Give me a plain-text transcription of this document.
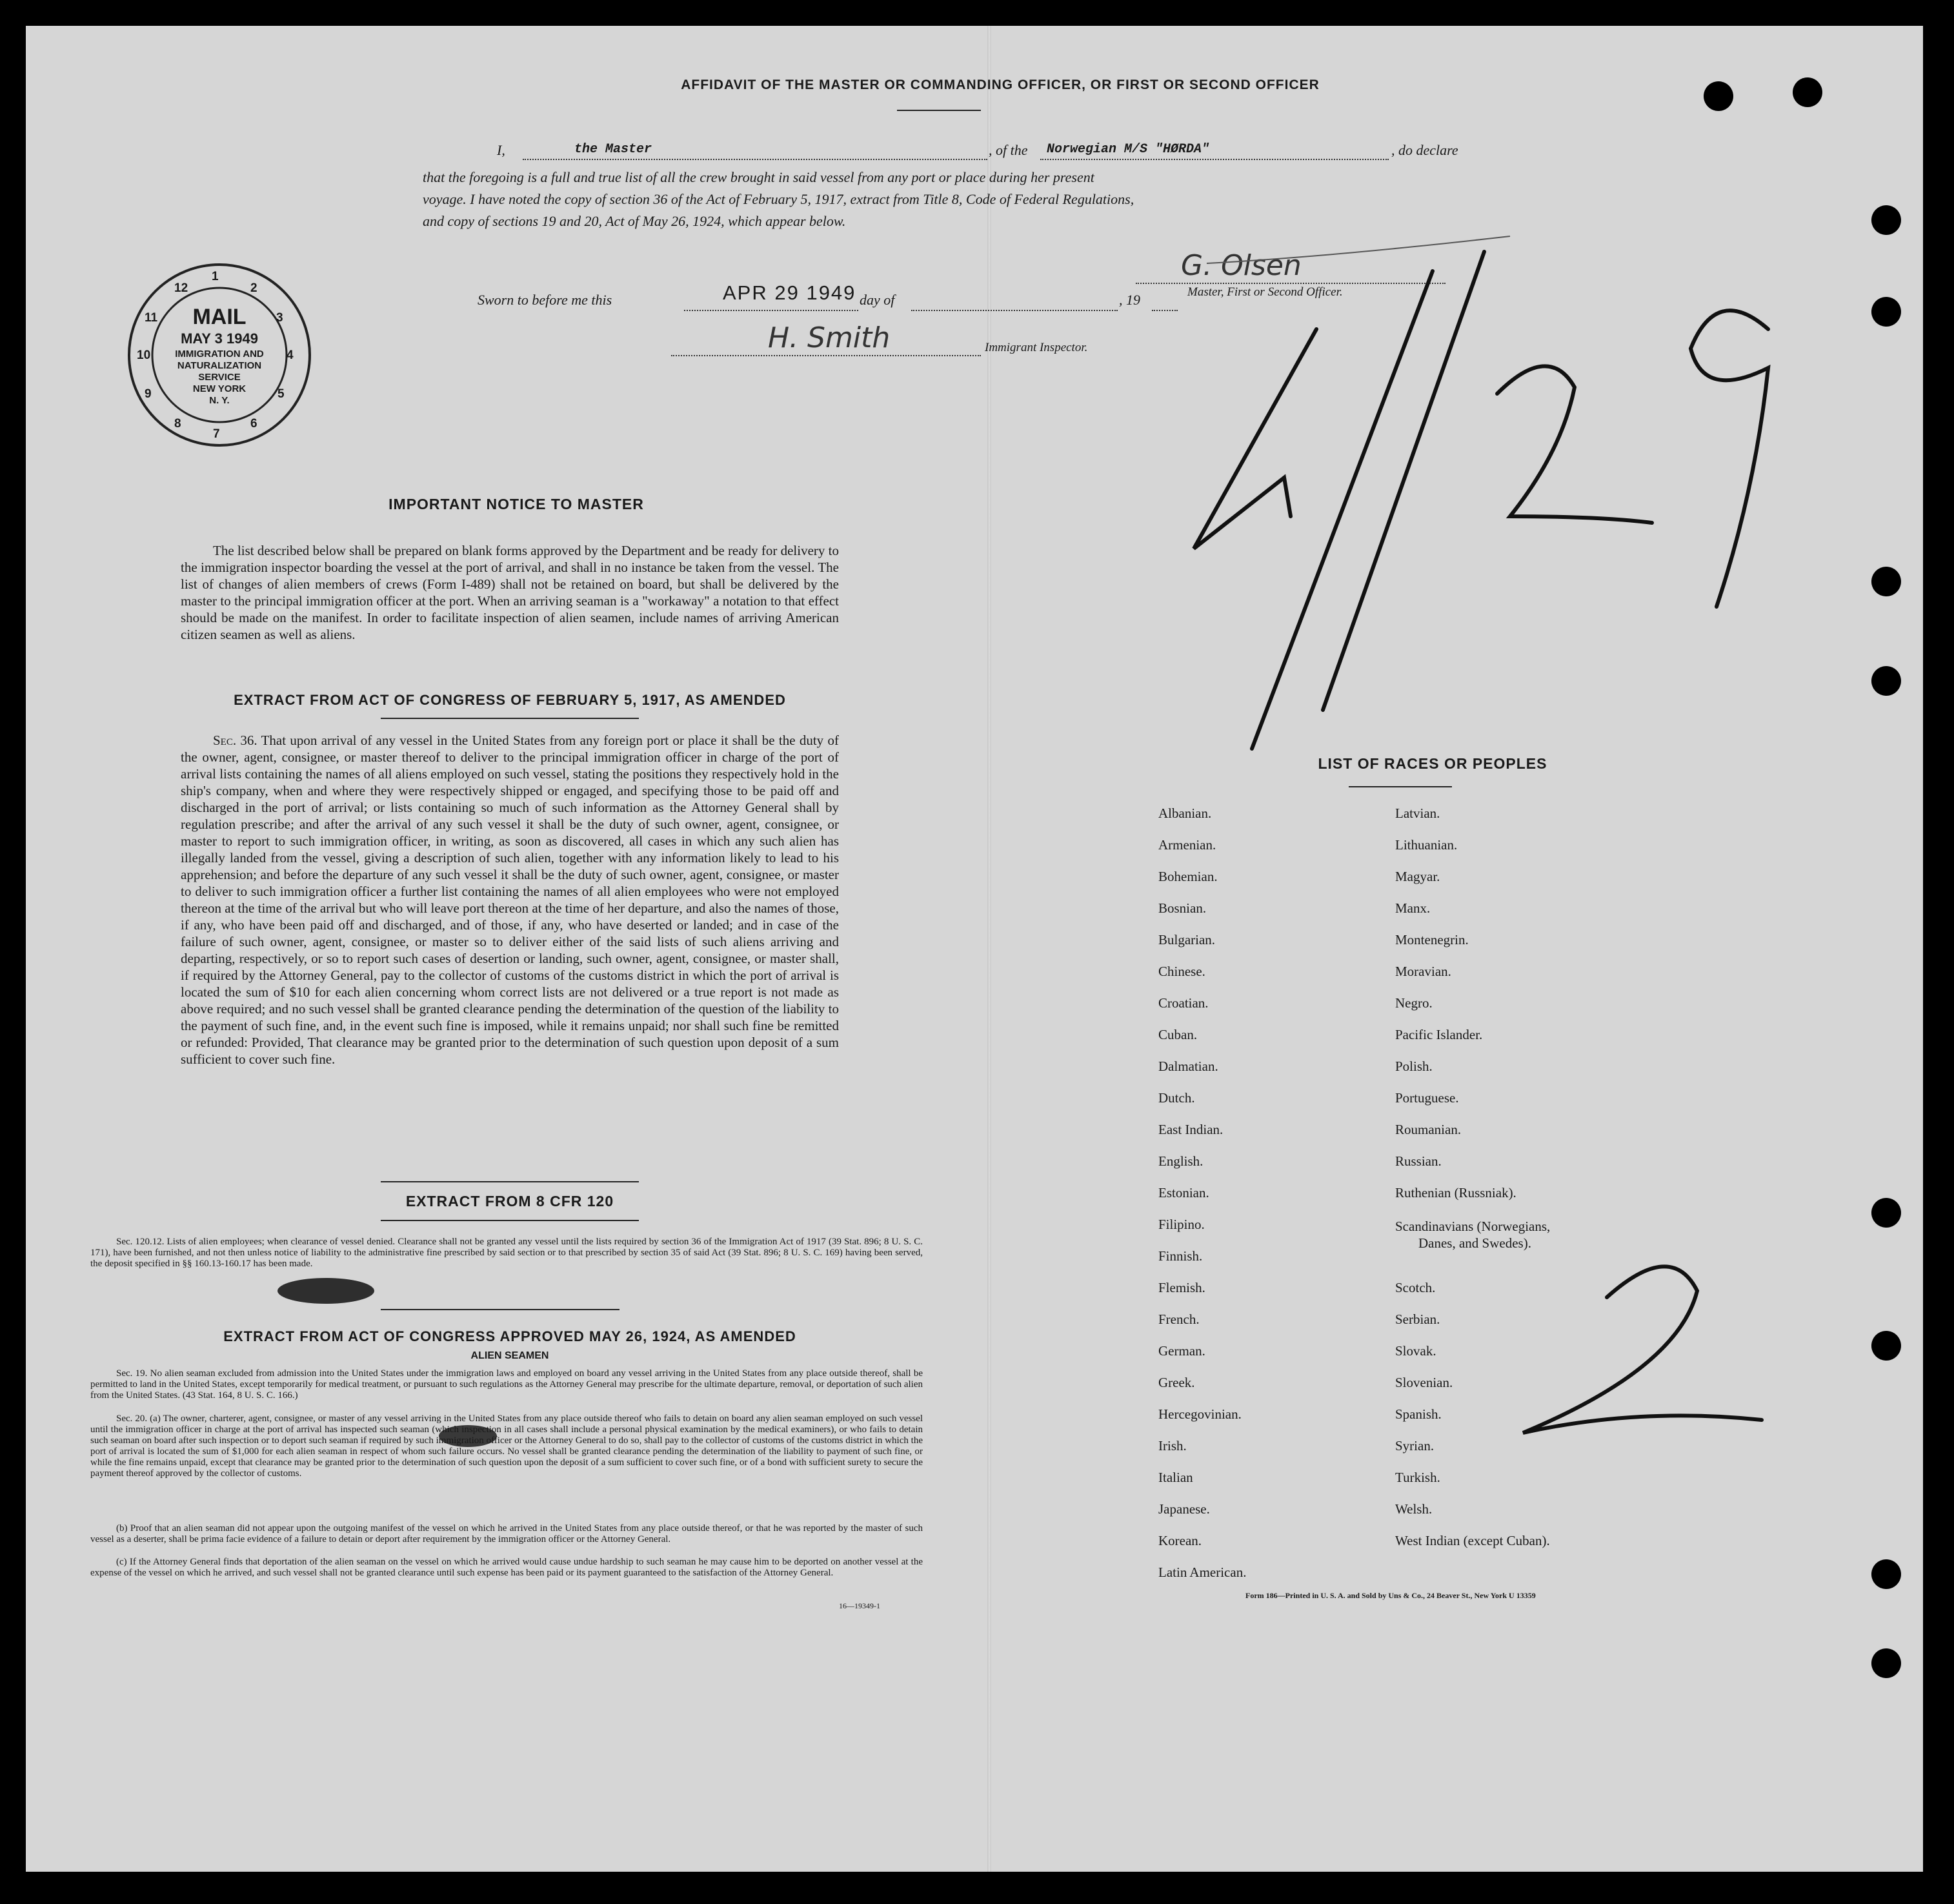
AFFIDAVIT OF THE MASTER OR COMMANDING OFFICER, OR FIRST OR SECOND OFFICER
I,	the Master	, of the Norwegian M/S "HØRDA"	, do declare
that the foregoing is a full and true list of all the crew brought in said vessel from any port or place during her present
voyage. I have noted the copy of section 36 of the Act of February 5, 1917, extract from Title 8, Code of Federal Regulations,
and copy of sections 19 and 20, Act of May 26, 1924, which appear below.
G. Olsen
Master, First or Second Officer.
Sworn to before me this	APR 29 1949 day of	, 19
H. Smith	Immigrant Inspector.
MAIL
MAY 3 1949
IMMIGRATION AND
NATURALIZATION
SERVICE
NEW YORK
N. Y.
1
2
3
4
5
6
7
8
9
10
11
12
IMPORTANT NOTICE TO MASTER
The list described below shall be prepared on blank forms approved by the Department and be ready for delivery to the immigration inspector boarding the vessel at the port of arrival, and shall in no instance be taken from the vessel. The list of changes of alien members of crews (Form I-489) shall not be retained on board, but shall be delivered by the master to the principal immigration officer at the port. When an arriving seaman is a "workaway" a notation to that effect should be made on the manifest. In order to facilitate inspection of alien seamen, include names of arriving American citizen seamen as well as aliens.
EXTRACT FROM ACT OF CONGRESS OF FEBRUARY 5, 1917, AS AMENDED
Sec. 36. That upon arrival of any vessel in the United States from any foreign port or place it shall be the duty of the owner, agent, consignee, or master thereof to deliver to the principal immigration officer in charge of the port of arrival lists containing the names of all aliens employed on such vessel, stating the positions they respectively hold in the ship's company, when and where they were respectively shipped or engaged, and specifying those to be paid off and discharged in the port of arrival; or lists containing so much of such information as the Attorney General shall by regulation prescribe; and after the arrival of any such vessel it shall be the duty of such owner, agent, consignee, or master to report to such immigration officer, in writing, as soon as discovered, all cases in which any such alien has illegally landed from the vessel, giving a description of such alien, together with any information likely to lead to his apprehension; and before the departure of any such vessel it shall be the duty of such owner, agent, consignee, or master to deliver to such immigration officer a further list containing the names of all alien employees who were not employed thereon at the time of the arrival but who will leave port thereon at the time of her departure, and also the names of those, if any, who have been paid off and discharged, and of those, if any, who have deserted or landed; and in case of the failure of such owner, agent, consignee, or master so to deliver either of the said lists of such aliens arriving and departing, respectively, or so to report such cases of desertion or landing, such owner, agent, consignee, or master shall, if required by the Attorney General, pay to the collector of customs of the customs district in which the port of arrival is located the sum of $10 for each alien concerning whom correct lists are not delivered or a true report is not made as above required; and no such vessel shall be granted clearance pending the determination of the question of the liability to the payment of such fine, and, in the event such fine is imposed, while it remains unpaid; nor shall such fine be remitted or refunded: Provided, That clearance may be granted prior to the determination of such question upon deposit of a sum sufficient to cover such fine.
EXTRACT FROM 8 CFR 120
Sec. 120.12. Lists of alien employees; when clearance of vessel denied. Clearance shall not be granted any vessel until the lists required by section 36 of the Immigration Act of 1917 (39 Stat. 896; 8 U. S. C. 171), have been furnished, and not then unless notice of liability to the administrative fine prescribed by said section or to that prescribed by section 35 of said Act (39 Stat. 896; 8 U. S. C. 169) having been served, the deposit specified in §§ 160.13-160.17 has been made.
EXTRACT FROM ACT OF CONGRESS APPROVED MAY 26, 1924, AS AMENDED
ALIEN SEAMEN
Sec. 19. No alien seaman excluded from admission into the United States under the immigration laws and employed on board any vessel arriving in the United States from any place outside thereof, shall be permitted to land in the United States, except temporarily for medical treatment, or pursuant to such regulations as the Attorney General may prescribe for the ultimate departure, removal, or deportation of such alien from the United States. (43 Stat. 164, 8 U. S. C. 166.)
Sec. 20. (a) The owner, charterer, agent, consignee, or master of any vessel arriving in the United States from any place outside thereof who fails to detain on board any alien seaman employed on such vessel until the immigration officer in charge at the port of arrival has inspected such seaman (which inspection in all cases shall include a personal physical examination by the medical examiners), or who fails to detain such seaman on board after such inspection or to deport such seaman if required by such immigration officer or the Attorney General to do so, shall pay to the collector of customs of the customs district in which the port of arrival is located the sum of $1,000 for each alien seaman in respect of whom such failure occurs. No vessel shall be granted clearance pending the determination of the liability to payment of such fine, or while the fine remains unpaid, except that clearance may be granted prior to the determination of such question upon the deposit of a sum sufficient to cover such fine, or of a bond with sufficient surety to secure the payment thereof approved by the collector of customs.
(b) Proof that an alien seaman did not appear upon the outgoing manifest of the vessel on which he arrived in the United States from any place outside thereof, or that he was reported by the master of such vessel as a deserter, shall be prima facie evidence of a failure to detain or deport after requirement by the immigration officer or the Attorney General.
(c) If the Attorney General finds that deportation of the alien seaman on the vessel on which he arrived would cause undue hardship to such seaman he may cause him to be deported on another vessel at the expense of the vessel on which he arrived, and such vessel shall not be granted clearance until such expense has been paid or its payment guaranteed to the satisfaction of the Attorney General.
16—19349-1
LIST OF RACES OR PEOPLES
Albanian.
Armenian.
Bohemian.
Bosnian.
Bulgarian.
Chinese.
Croatian.
Cuban.
Dalmatian.
Dutch.
East Indian.
English.
Estonian.
Filipino.
Finnish.
Flemish.
French.
German.
Greek.
Hercegovinian.
Irish.
Italian
Japanese.
Korean.
Latin American.
Latvian.
Lithuanian.
Magyar.
Manx.
Montenegrin.
Moravian.
Negro.
Pacific Islander.
Polish.
Portuguese.
Roumanian.
Russian.
Ruthenian (Russniak).
Scandinavians (Norwegians,
Danes, and Swedes).
Scotch.
Serbian.
Slovak.
Slovenian.
Spanish.
Syrian.
Turkish.
Welsh.
West Indian (except Cuban).
Form 186—Printed in U. S. A. and Sold by Uns & Co., 24 Beaver St., New York U 13359
